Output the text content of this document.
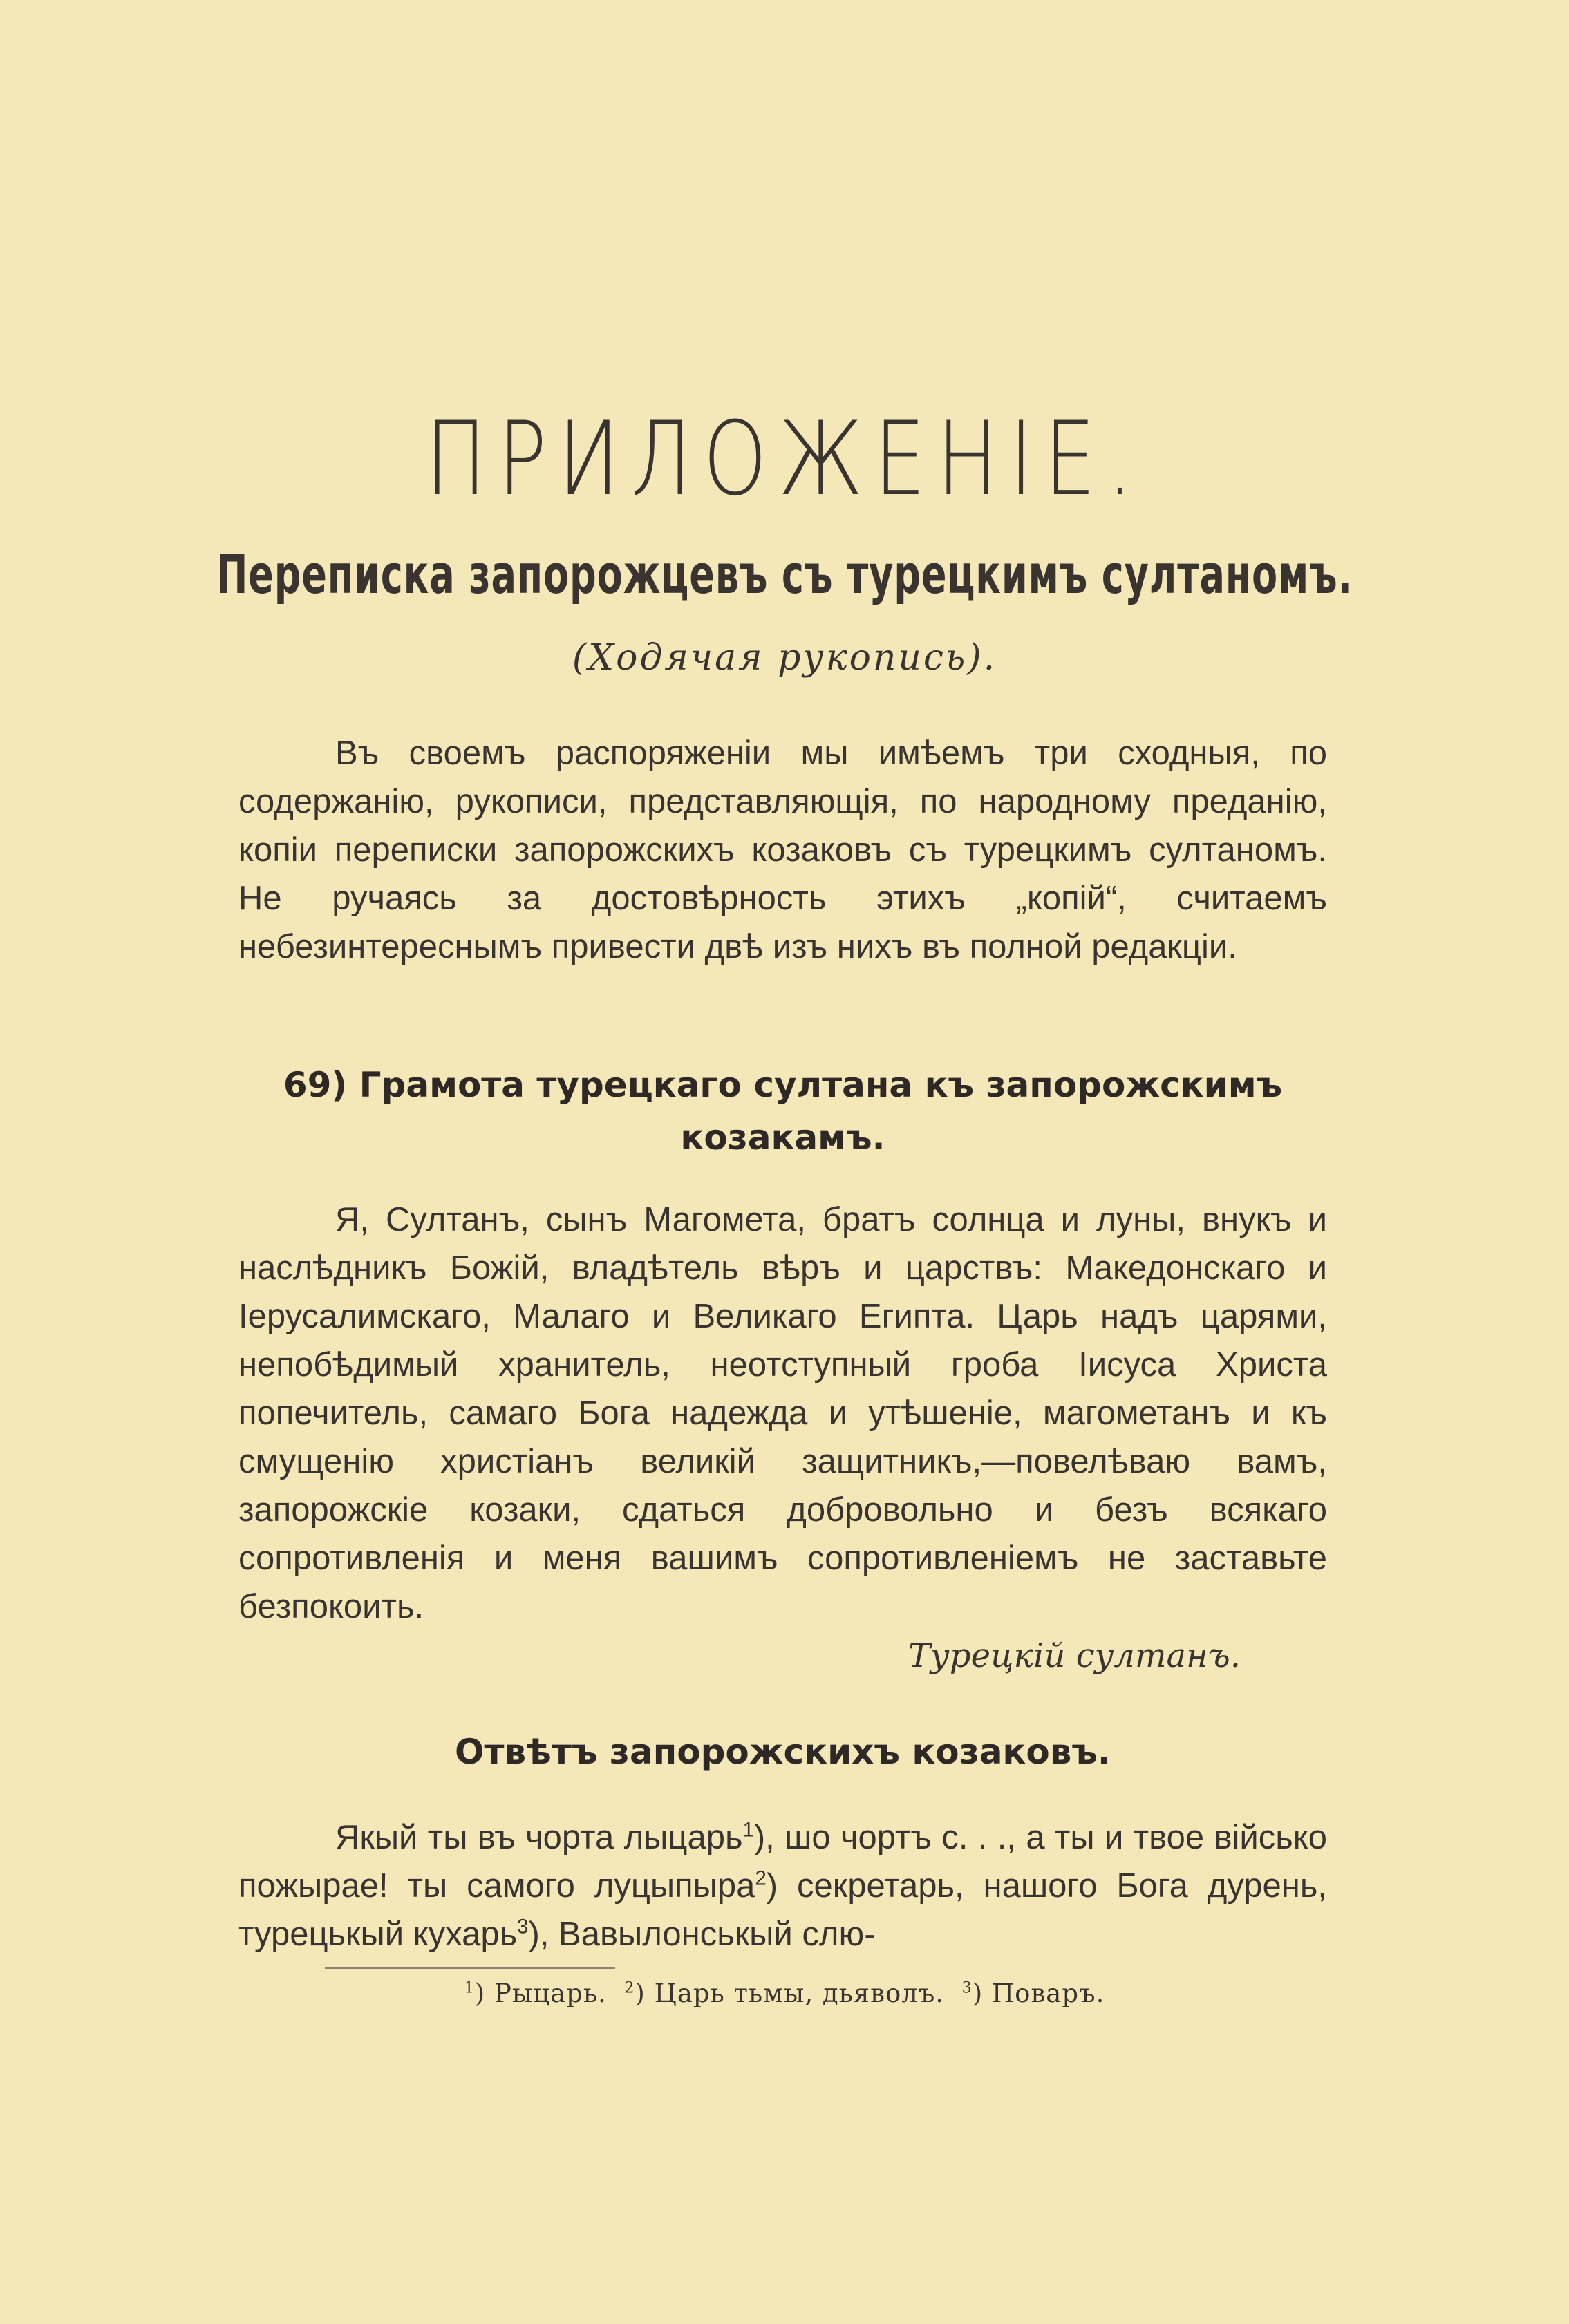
ПРИЛОЖЕНІЕ.
Переписка запорожцевъ съ турецкимъ султаномъ.
(Ходячая рукопись).

Въ своемъ распоряженіи мы имѣемъ три сходныя, по содержанію, рукописи, представляющія, по народному преданію, копіи переписки запорожскихъ козаковъ съ турецкимъ султаномъ. Не ручаясь за достовѣрность этихъ „копій“, считаемъ небезинтереснымъ привести двѣ изъ нихъ въ полной редакціи.

69) Грамота турецкаго султана къ запорожскимъ козакамъ.

Я, Султанъ, сынъ Магомета, братъ солнца и луны, внукъ и наслѣдникъ Божій, владѣтель вѣръ и царствъ: Македонскаго и Іерусалимскаго, Малаго и Великаго Египта. Царь надъ царями, непобѣдимый хранитель, неотступный гроба Іисуса Христа попечитель, самаго Бога надежда и утѣшеніе, магометанъ и къ смущенію христіанъ великій защитникъ,—повелѣваю вамъ, запорожскіе козаки, сдаться добровольно и безъ всякаго сопротивленія и меня вашимъ сопротивленіемъ не заставьте безпокоить.

Турецкій султанъ.

Отвѣтъ запорожскихъ козаковъ.

Якый ты въ чорта лыцарь$^1$), шо чортъ с. . ., а ты и твое військо пожырае! ты самого луцыпыра$^2$) секретарь, нашого Бога дурень, турецькый кухарь$^3$), Вавылонськый слю-

$^1$) Рыцарь. $^2$) Царь тьмы, дьяволъ. $^3$) Поваръ.
